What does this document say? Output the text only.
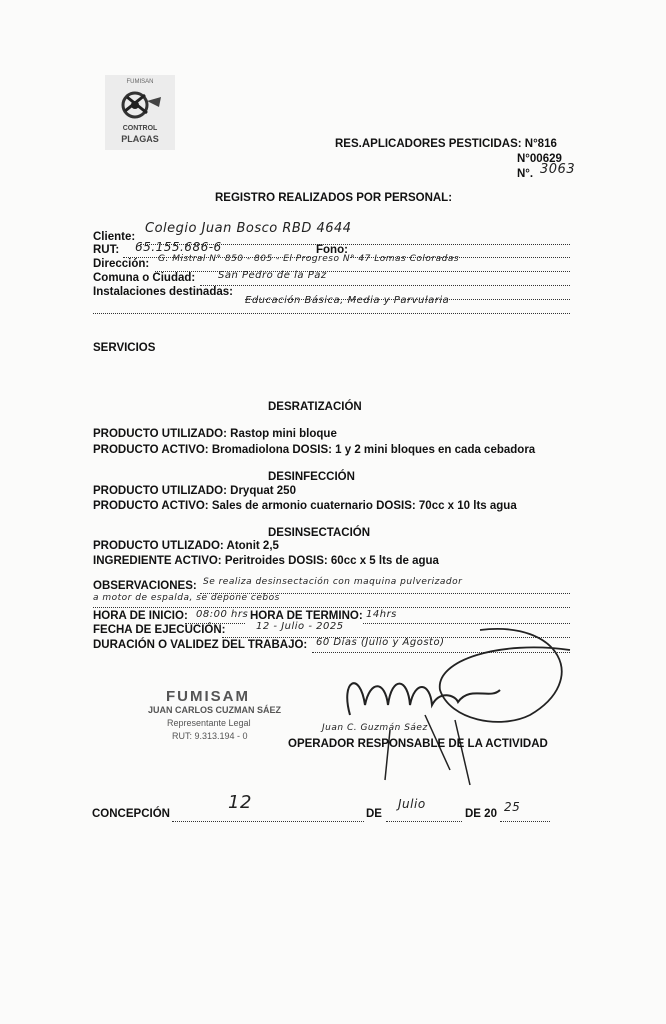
FUMISAN
CONTROL
PLAGAS	RES.APLICADORES PESTICIDAS: N°816
N°00629
N°. 3063
REGISTRO REALIZADOS POR PERSONAL:
Cliente:
Colegio Juan Bosco RBD 4644
RUT: 65.155.686-6	Fono:
Dirección: G. Mistral N° 850 - 805 - El Progreso N° 47 Lomas Coloradas
Comuna o Ciudad: San Pedro de la Paz
Instalaciones destinadas:
Educación Básica, Media y Parvularia
SERVICIOS
DESRATIZACIÓN
PRODUCTO UTILIZADO: Rastop mini bloque
PRODUCTO ACTIVO: Bromadiolona DOSIS: 1 y 2 mini bloques en cada cebadora
DESINFECCIÓN
PRODUCTO UTILIZADO: Dryquat 250
PRODUCTO ACTIVO: Sales de armonio cuaternario DOSIS: 70cc x 10 lts agua
DESINSECTACIÓN
PRODUCTO UTLIZADO: Atonit 2,5
INGREDIENTE ACTIVO: Peritroides DOSIS: 60cc x 5 lts de agua
OBSERVACIONES: Se realiza desinsectación con maquina pulverizador
a motor de espalda, se depone cebos
HORA DE INICIO: 08:00 hrs HORA DE TERMINO: 14hrs
FECHA DE EJECUCIÓN:	12 - Julio - 2025
DURACIÓN O VALIDEZ DEL TRABAJO: 60 Días (Julio y Agosto)
FUMISAM
JUAN CARLOS CUZMAN SÁEZ
Representante Legal
RUT: 9.313.194 - 0
Juan C. Guzmán Sáez
OPERADOR RESPONSABLE DE LA ACTIVIDAD
CONCEPCIÓN
12
DE
Julio
DE 20 25
